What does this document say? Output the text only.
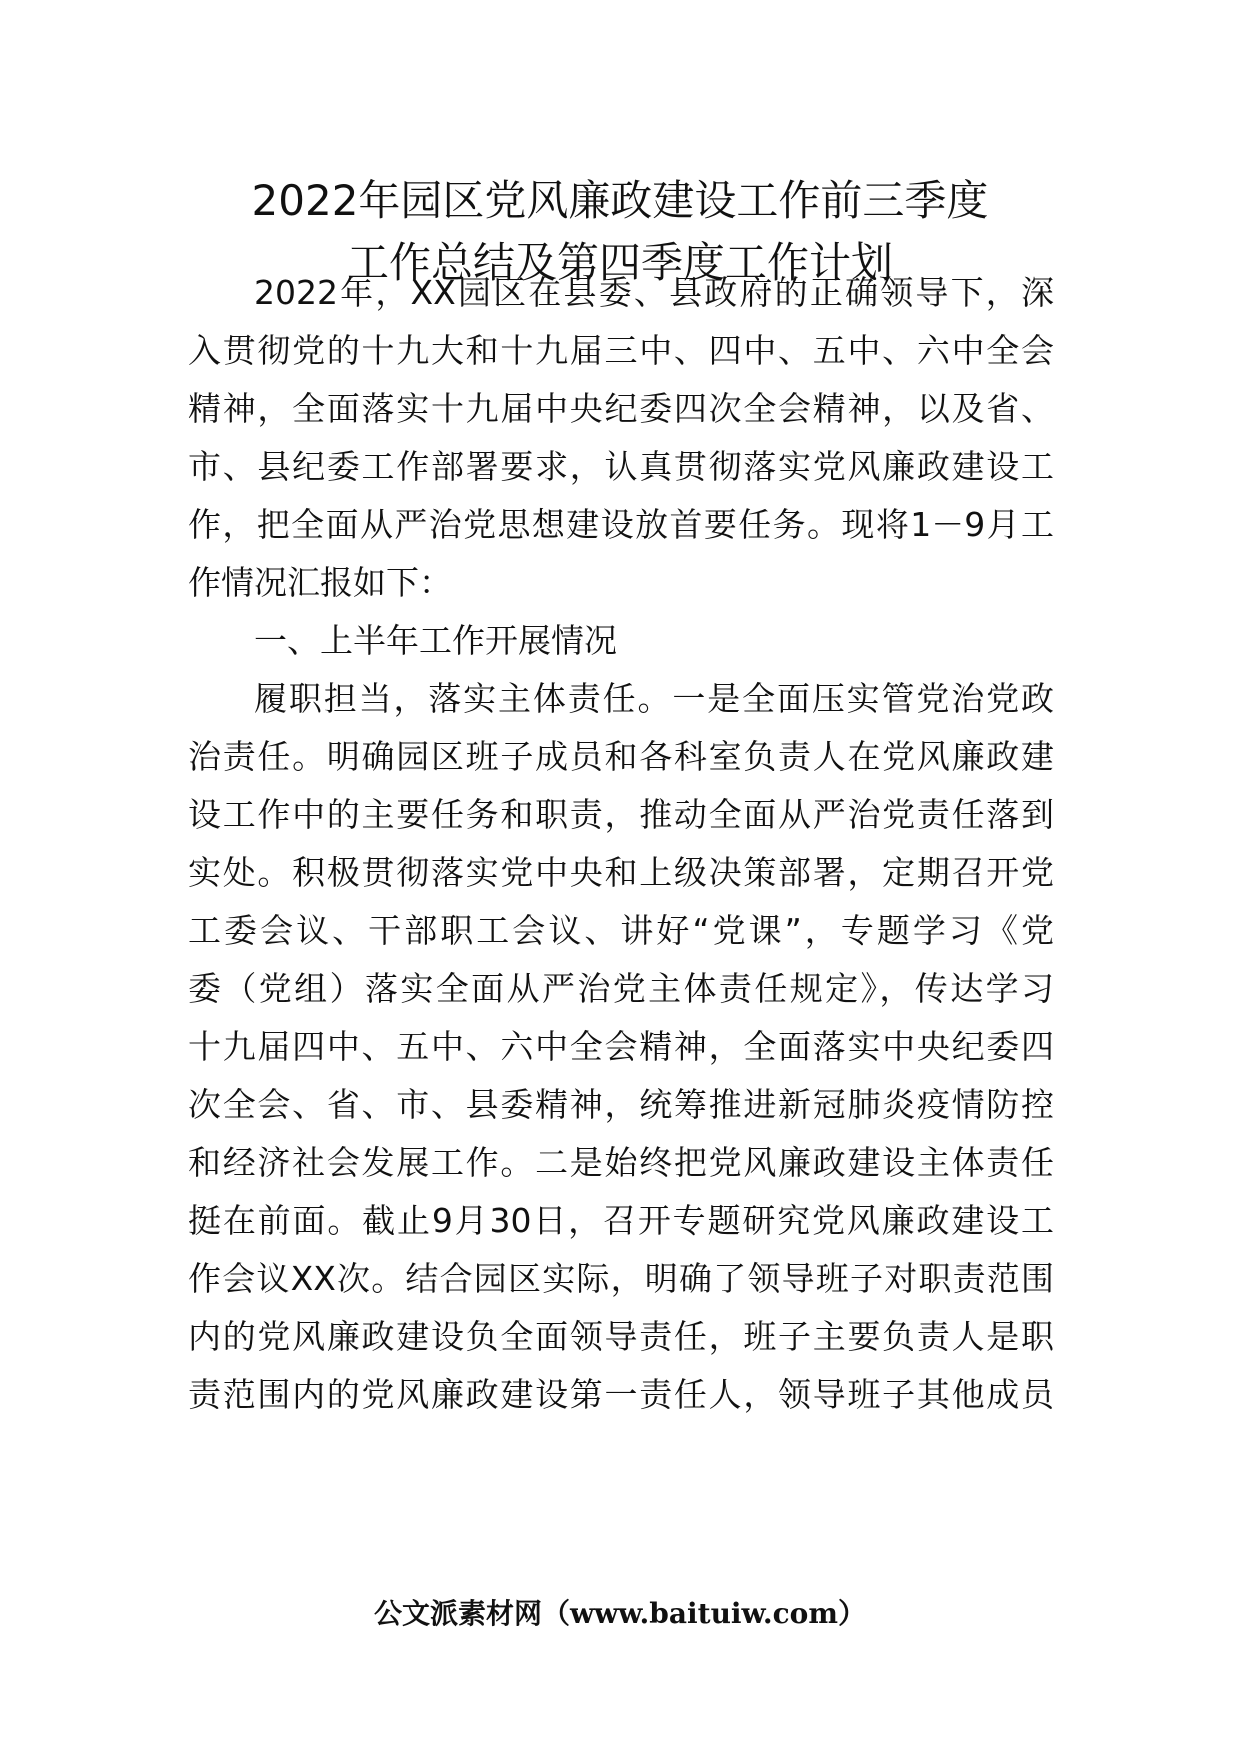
2022年园区党风廉政建设工作前三季度
工作总结及第四季度工作计划
2022年，XX园区在县委、县政府的正确领导下，深
入贯彻党的十九大和十九届三中、四中、五中、六中全会
精神，全面落实十九届中央纪委四次全会精神，以及省、
市、县纪委工作部署要求，认真贯彻落实党风廉政建设工
作，把全面从严治党思想建设放首要任务。现将1－9月工
作情况汇报如下：
一、上半年工作开展情况
履职担当，落实主体责任。一是全面压实管党治党政
治责任。明确园区班子成员和各科室负责人在党风廉政建
设工作中的主要任务和职责，推动全面从严治党责任落到
实处。积极贯彻落实党中央和上级决策部署，定期召开党
工委会议、干部职工会议、讲好“党课”，专题学习《党
委（党组）落实全面从严治党主体责任规定》，传达学习
十九届四中、五中、六中全会精神，全面落实中央纪委四
次全会、省、市、县委精神，统筹推进新冠肺炎疫情防控
和经济社会发展工作。二是始终把党风廉政建设主体责任
挺在前面。截止9月30日，召开专题研究党风廉政建设工
作会议XX次。结合园区实际，明确了领导班子对职责范围
内的党风廉政建设负全面领导责任，班子主要负责人是职
责范围内的党风廉政建设第一责任人，领导班子其他成员
公文派素材网（www.baituiw.com）
